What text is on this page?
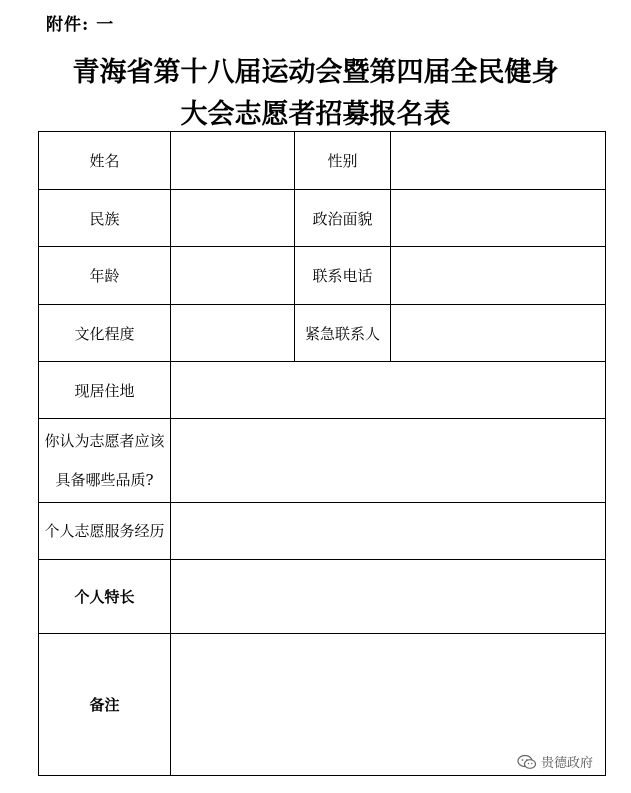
附件: 一
青海省第十八届运动会暨第四届全民健身
大会志愿者招募报名表
姓名		性别	
民族		政治面貌	
年龄		联系电话	
文化程度		紧急联系人	
现居住地			

你认为志愿者应该
具备哪些品质?			

个人志愿服务经历			
个人特长			
备注			
贵德政府
